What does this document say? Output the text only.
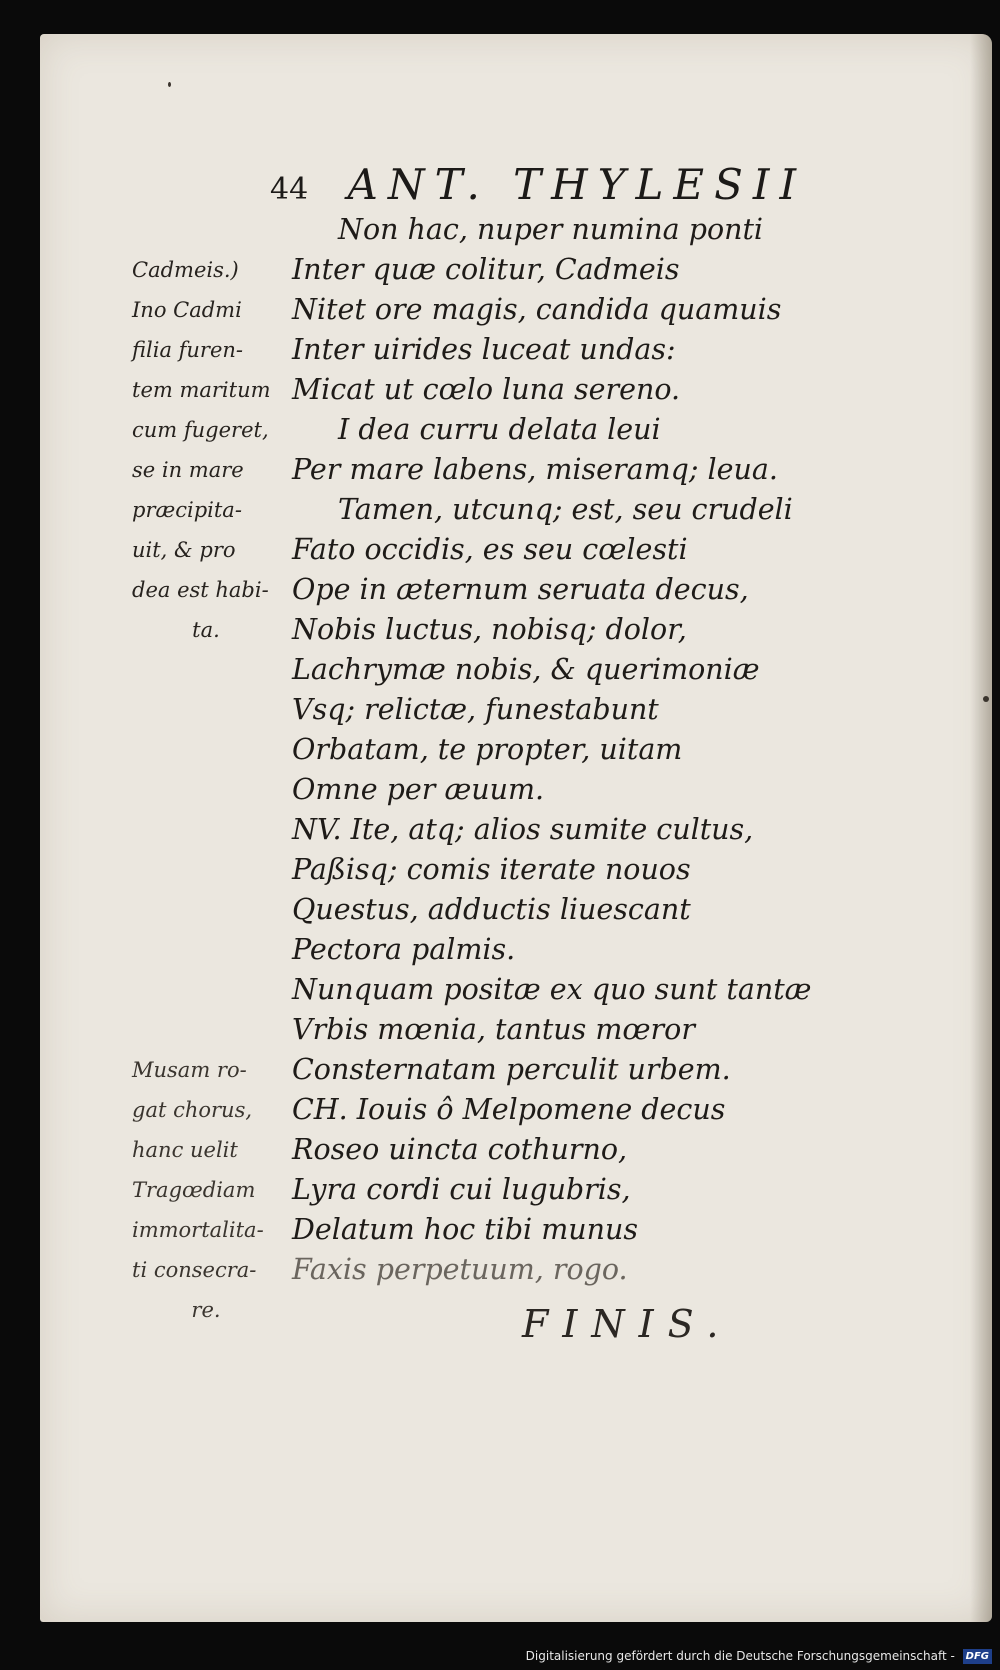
44 ANT. THYLESII
Non hac, nuper numina ponti
Inter quæ colitur, Cadmeis
Nitet ore magis, candida quamuis
Inter uirides luceat undas:
Micat ut cœlo luna sereno.
I dea curru delata leui
Per mare labens, miseramq; leua.
Tamen, utcunq; est, seu crudeli
Fato occidis, es seu cœlesti
Ope in æternum seruata decus,
Nobis luctus, nobisq; dolor,
Lachrymæ nobis, & querimoniæ
Vsq; relictæ, funestabunt
Orbatam, te propter, uitam
Omne per æuum.
NV. Ite, atq; alios sumite cultus,
Paßisq; comis iterate nouos
Questus, adductis liuescant
Pectora palmis.
Nunquam positæ ex quo sunt tantæ
Vrbis mœnia, tantus mœror
Consternatam perculit urbem.
CH. Iouis ô Melpomene decus
Roseo uincta cothurno,
Lyra cordi cui lugubris,
Delatum hoc tibi munus
Faxis perpetuum, rogo.
Cadmeis.)
Ino Cadmi
filia furen-
tem maritum
cum fugeret,
se in mare
præcipita-
uit, & pro
dea est habi-
ta.
Musam ro-
gat chorus,
hanc uelit
Tragœdiam
immortalita-
ti consecra-
re.	FINIS.
Digitalisierung gefördert durch die Deutsche Forschungsgemeinschaft - DFG
